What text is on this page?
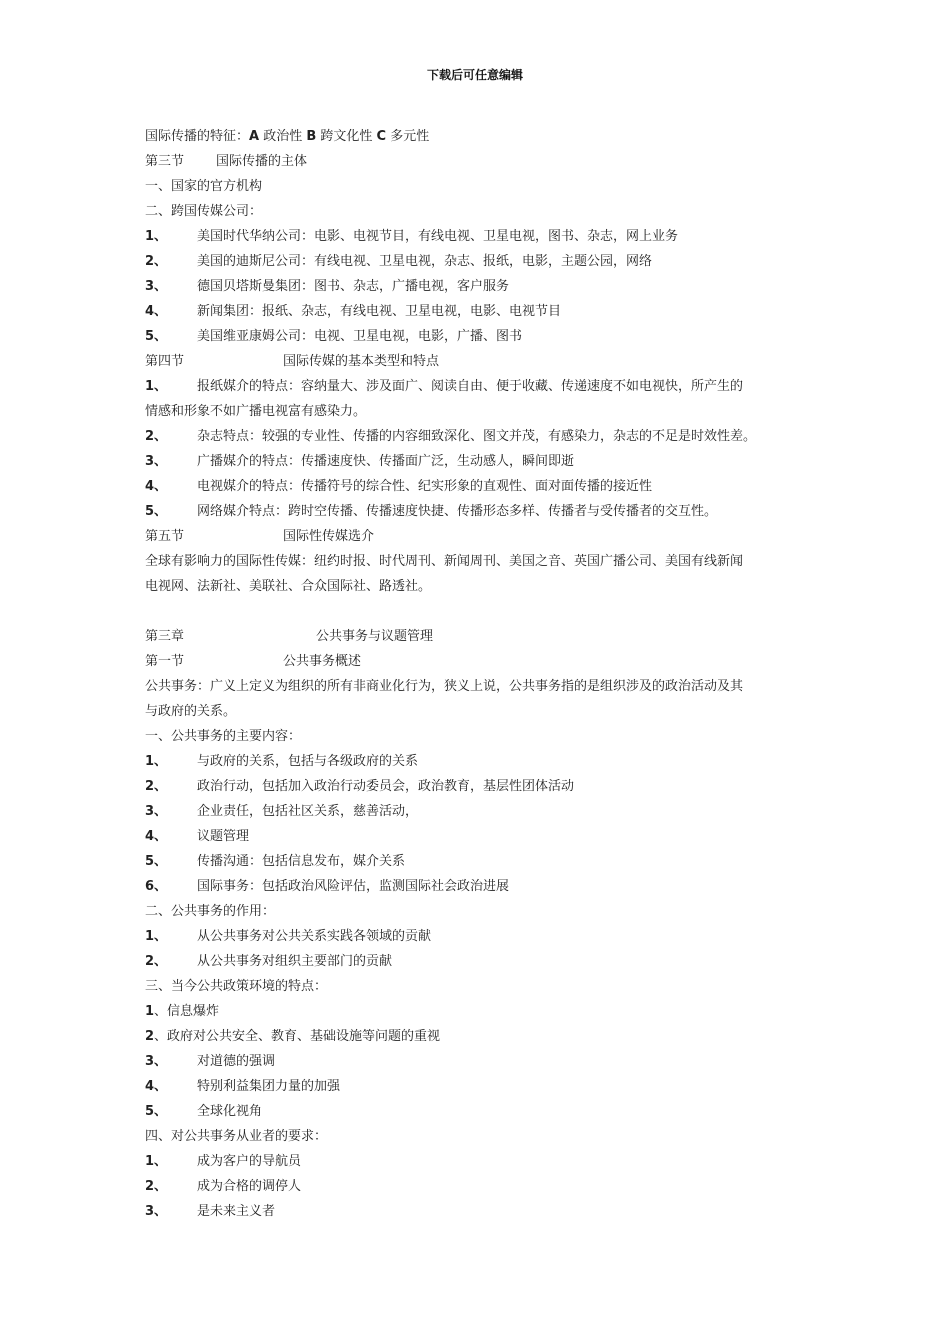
下载后可任意编辑
国际传播的特征：A 政治性 B 跨文化性 C 多元性
第三节 国际传播的主体
一、国家的官方机构
二、跨国传媒公司：
1、 美国时代华纳公司：电影、电视节目，有线电视、卫星电视，图书、杂志，网上业务
2、 美国的迪斯尼公司：有线电视、卫星电视，杂志、报纸，电影，主题公园，网络
3、 德国贝塔斯曼集团：图书、杂志，广播电视，客户服务
4、 新闻集团：报纸、杂志，有线电视、卫星电视，电影、电视节目
5、 美国维亚康姆公司：电视、卫星电视，电影，广播、图书
第四节	国际传媒的基本类型和特点
1、 报纸媒介的特点：容纳量大、涉及面广、阅读自由、便于收藏、传递速度不如电视快，所产生的
情感和形象不如广播电视富有感染力。
2、 杂志特点：较强的专业性、传播的内容细致深化、图文并茂，有感染力，杂志的不足是时效性差。
3、 广播媒介的特点：传播速度快、传播面广泛，生动感人，瞬间即逝
4、 电视媒介的特点：传播符号的综合性、纪实形象的直观性、面对面传播的接近性
5、 网络媒介特点：跨时空传播、传播速度快捷、传播形态多样、传播者与受传播者的交互性。
第五节	国际性传媒选介
全球有影响力的国际性传媒：纽约时报、时代周刊、新闻周刊、美国之音、英国广播公司、美国有线新闻
电视网、法新社、美联社、合众国际社、路透社。
第三章	公共事务与议题管理
第一节	公共事务概述
公共事务：广义上定义为组织的所有非商业化行为，狭义上说，公共事务指的是组织涉及的政治活动及其
与政府的关系。
一、公共事务的主要内容：
1、 与政府的关系，包括与各级政府的关系
2、 政治行动，包括加入政治行动委员会，政治教育，基层性团体活动
3、 企业责任，包括社区关系，慈善活动，
4、 议题管理
5、 传播沟通：包括信息发布，媒介关系
6、 国际事务：包括政治风险评估，监测国际社会政治进展
二、公共事务的作用：
1、 从公共事务对公共关系实践各领域的贡献
2、 从公共事务对组织主要部门的贡献
三、当今公共政策环境的特点：
1、信息爆炸
2、政府对公共安全、教育、基础设施等问题的重视
3、 对道德的强调
4、 特别利益集团力量的加强
5、 全球化视角
四、对公共事务从业者的要求：
1、 成为客户的导航员
2、 成为合格的调停人
3、 是未来主义者
